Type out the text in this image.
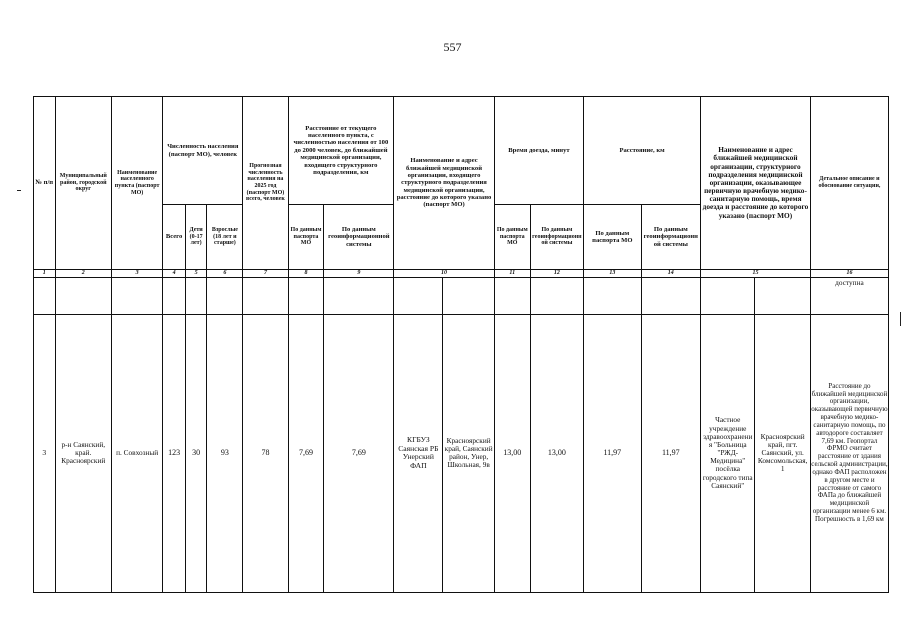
557
№ п/п	Муниципальный район, городской округ	Наименование населенного пункта (паспорт МО)	Численность населения (паспорт МО), человек			Прогнозная численность населения на 2025 год (паспорт МО) всего, человек	Расстояние от текущего населенного пункта, с численностью населения от 100 до 2000 человек, до ближайшей медицинской организации, входящего структурного подразделения, км		Наименование и адрес ближайшей медицинской организации, входящего структурного подразделения медицинской организации, расстояние до которого указано (паспорт МО)		Время доезда, минут		Расстояние, км		Наименование и адрес ближайшей медицинской организации, структурного подразделения медицинской организации, оказывающее первичную врачебную медико-санитарную помощь, время доезда и расстояние до которого указано (паспорт МО)		Детальное описание и обоснование ситуации,
			Всего	Дети (0-17 лет)	Взрослые (18 лет и старше)		По данным паспорта МО	По данным геоинформационной системы			По данным паспорта МО	По данным геоинформационной системы	По данным паспорта МО	По данным геоинформационной системы			
1	2	3	4	5	6	7	8	9	10		11	12	13	14	15		16
																	доступна
3	р-н Саянский, край. Красноярский	п. Совхозный	123	30	93	78	7,69	7,69	КГБУЗ Саянская РБ Унерский ФАП	Красноярский край, Саянский район, Унер, Школьная, 9в	13,00	13,00	11,97	11,97	Частное учреждение здравоохранения "Больница "РЖД-Медицина" посёлка городского типа Саянский"	Красноярский край, пгт. Саянский, ул. Комсомольская, 1	Расстояние до ближайшей медицинской организации, оказывающей первичную врачебную медико-санитарную помощь, по автодороге составляет 7,69 км. Геопортал ФРМО считает расстояние от здания сельской администрации, однако ФАП расположен в другом месте и расстояние от самого ФАПа до ближайшей медицинской организации менее 6 км. Погрешность в 1,69 км
